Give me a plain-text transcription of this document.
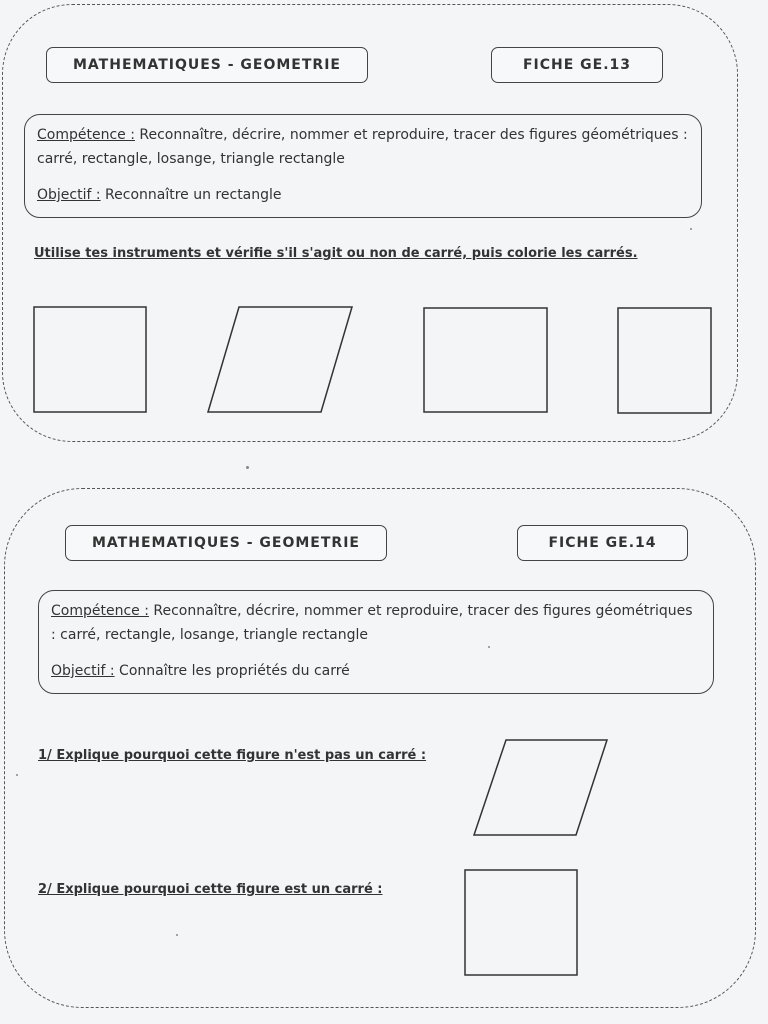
MATHEMATIQUES - GEOMETRIE	FICHE GE.13
Compétence : Reconnaître, décrire, nommer et reproduire, tracer des figures géométriques : carré, rectangle, losange, triangle rectangle
Objectif : Reconnaître un rectangle
Utilise tes instruments et vérifie s'il s'agit ou non de carré, puis colorie les carrés.
MATHEMATIQUES - GEOMETRIE	FICHE GE.14
Compétence : Reconnaître, décrire, nommer et reproduire, tracer des figures géométriques : carré, rectangle, losange, triangle rectangle
Objectif : Connaître les propriétés du carré
1/ Explique pourquoi cette figure n'est pas un carré :
2/ Explique pourquoi cette figure est un carré :
